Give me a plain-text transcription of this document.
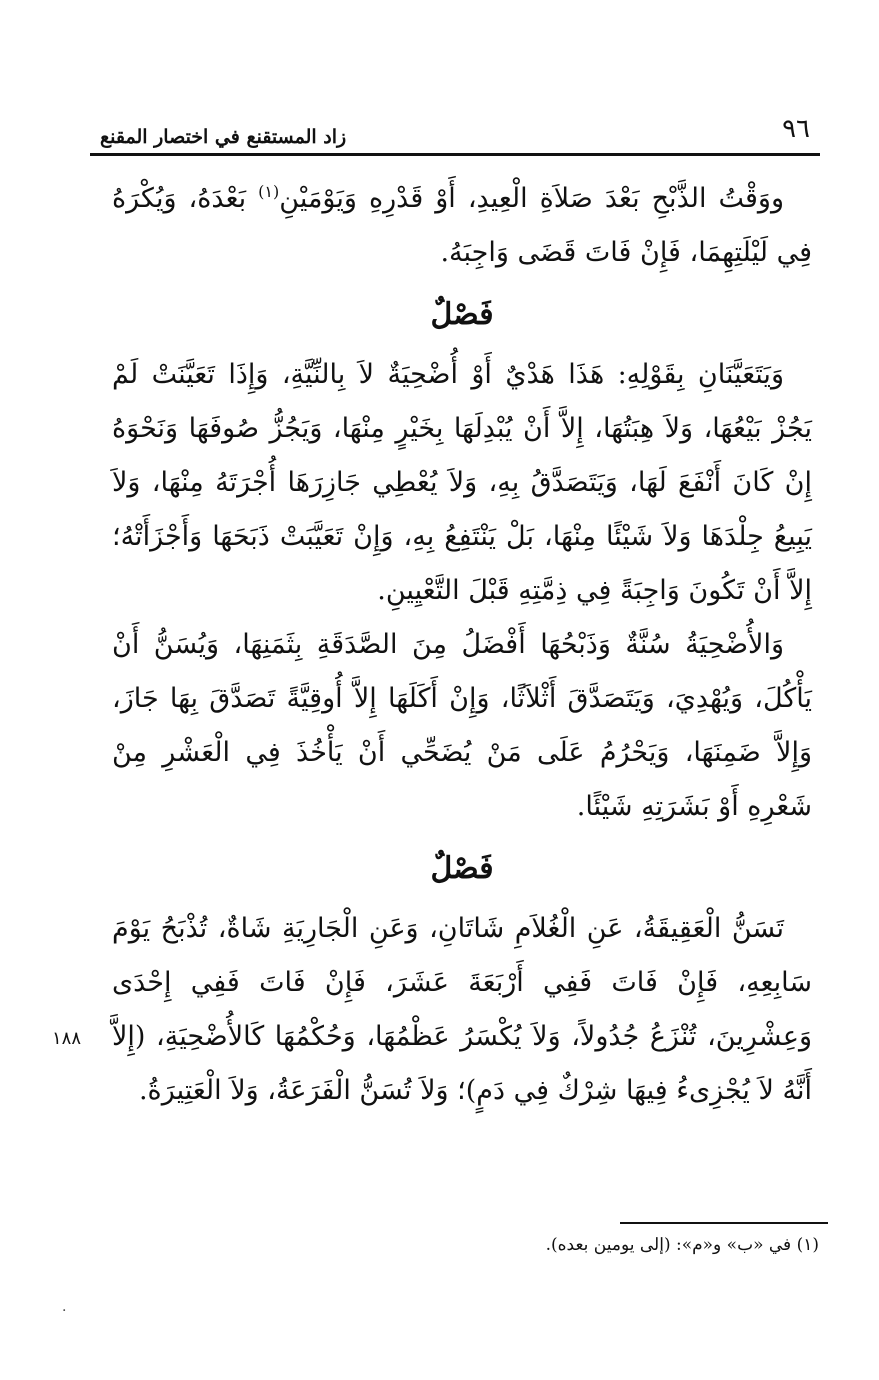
٩٦
زاد المستقنع في اختصار المقنع

ووَقْتُ الذَّبْحِ بَعْدَ صَلاَةِ الْعِيدِ، أَوْ قَدْرِهِ وَيَوْمَيْنِ$^{(١)}$ بَعْدَهُ، وَيُكْرَهُ فِي لَيْلَتِهِمَا، فَإِنْ فَاتَ قَضَى وَاجِبَهُ.

فَصْلٌ

وَيَتَعَيَّنَانِ بِقَوْلِهِ: هَذَا هَدْيٌ أَوْ أُضْحِيَةٌ لاَ بِالنِّيَّةِ، وَإِذَا تَعَيَّنَتْ لَمْ يَجُزْ بَيْعُهَا، وَلاَ هِبَتُهَا، إِلاَّ أَنْ يُبْدِلَهَا بِخَيْرٍ مِنْهَا، وَيَجُزُّ صُوفَهَا وَنَحْوَهُ إِنْ كَانَ أَنْفَعَ لَهَا، وَيَتَصَدَّقُ بِهِ، وَلاَ يُعْطِي جَازِرَهَا أُجْرَتَهُ مِنْهَا، وَلاَ يَبِيعُ جِلْدَهَا وَلاَ شَيْئًا مِنْهَا، بَلْ يَنْتَفِعُ بِهِ، وَإِنْ تَعَيَّبَتْ ذَبَحَهَا وَأَجْزَأَتْهُ؛ إِلاَّ أَنْ تَكُونَ وَاجِبَةً فِي ذِمَّتِهِ قَبْلَ التَّعْيِينِ.

وَالأُضْحِيَةُ سُنَّةٌ وَذَبْحُهَا أَفْضَلُ مِنَ الصَّدَقَةِ بِثَمَنِهَا، وَيُسَنُّ أَنْ يَأْكُلَ، وَيُهْدِيَ، وَيَتَصَدَّقَ أَثْلاَثًا، وَإِنْ أَكَلَهَا إِلاَّ أُوقِيَّةً تَصَدَّقَ بِهَا جَازَ، وَإِلاَّ ضَمِنَهَا، وَيَحْرُمُ عَلَى مَنْ يُضَحِّي أَنْ يَأْخُذَ فِي الْعَشْرِ مِنْ شَعْرِهِ أَوْ بَشَرَتِهِ شَيْئًا.

فَصْلٌ

تَسَنُّ الْعَقِيقَةُ، عَنِ الْغُلاَمِ شَاتَانِ، وَعَنِ الْجَارِيَةِ شَاةٌ، تُذْبَحُ يَوْمَ سَابِعِهِ، فَإِنْ فَاتَ فَفِي أَرْبَعَةَ عَشَرَ، فَإِنْ فَاتَ فَفِي إِحْدَى وَعِشْرِينَ، تُنْزَعُ جُدُولاً، وَلاَ يُكْسَرُ عَظْمُهَا، وَحُكْمُهَا كَالأُضْحِيَةِ، (إِلاَّ أَنَّهُ لاَ يُجْزِىءُ فِيهَا شِرْكٌ فِي دَمٍ)؛ وَلاَ تُسَنُّ الْفَرَعَةُ، وَلاَ الْعَتِيرَةُ.

١٨٨
(١) في «ب» و«م»: (إلى يومين بعده).
·
